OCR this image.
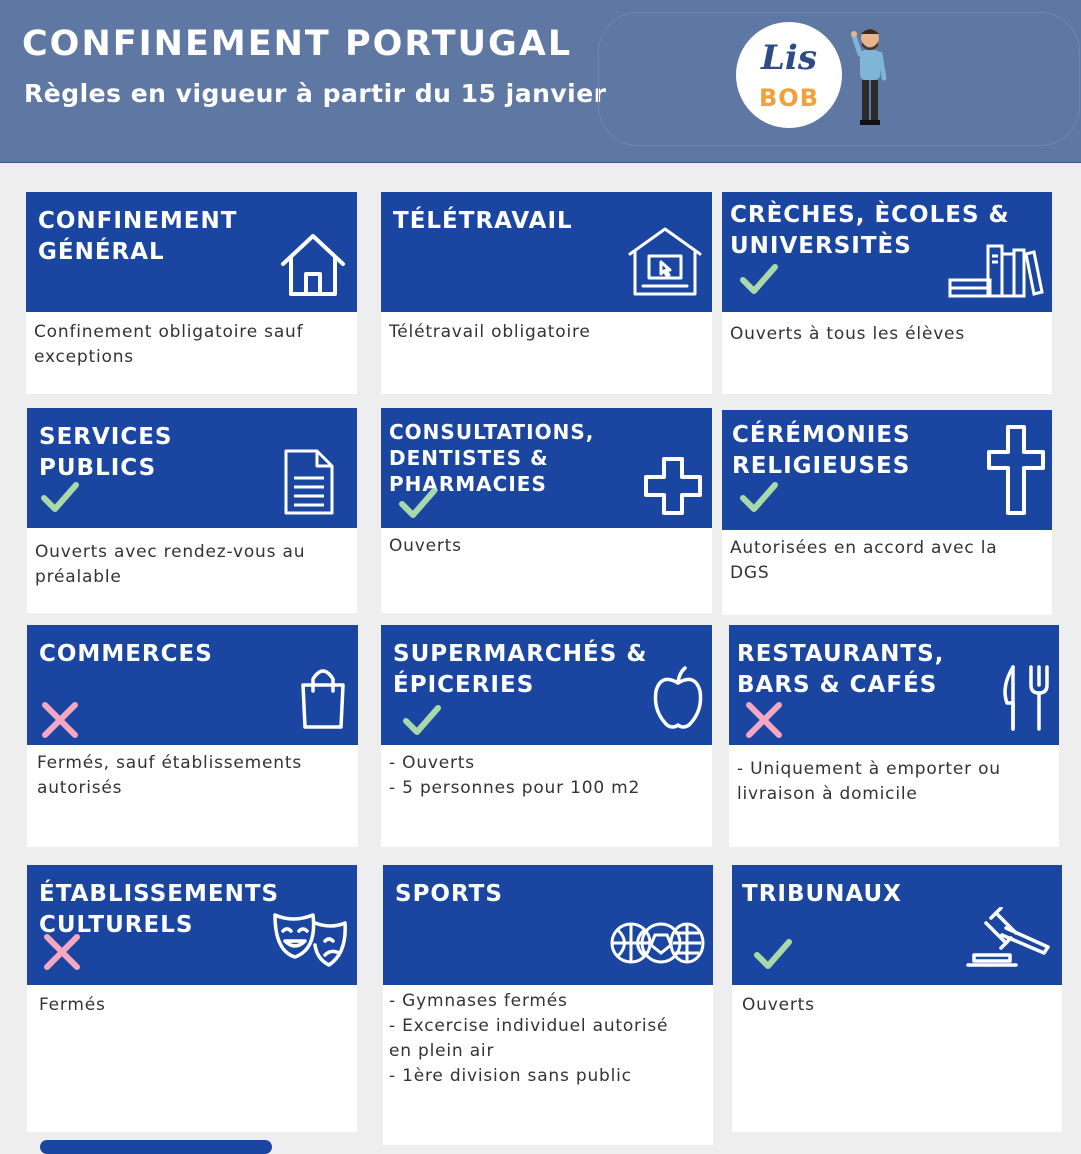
CONFINEMENT PORTUGAL
Règles en vigueur à partir du 15 janvier
Lis
BOB
CONFINEMENT
GÉNÉRAL
Confinement obligatoire sauf
exceptions
TÉLÉTRAVAIL
Télétravail obligatoire
CRÈCHES, ÈCOLES &
UNIVERSITÈS
Ouverts à tous les élèves
SERVICES
PUBLICS
Ouverts avec rendez-vous au
préalable
CONSULTATIONS,
DENTISTES & PHARMACIES
Ouverts
CÉRÉMONIES
RELIGIEUSES
Autorisées en accord avec la
DGS
COMMERCES
Fermés, sauf établissements
autorisés
SUPERMARCHÉS &
ÉPICERIES
- Ouverts
- 5 personnes pour 100 m2
RESTAURANTS,
BARS & CAFÉS
- Uniquement à emporter ou
livraison à domicile
ÉTABLISSEMENTS
CULTURELS
Fermés
SPORTS
- Gymnases fermés
- Excercise individuel autorisé
en plein air
- 1ère division sans public
TRIBUNAUX
Ouverts
